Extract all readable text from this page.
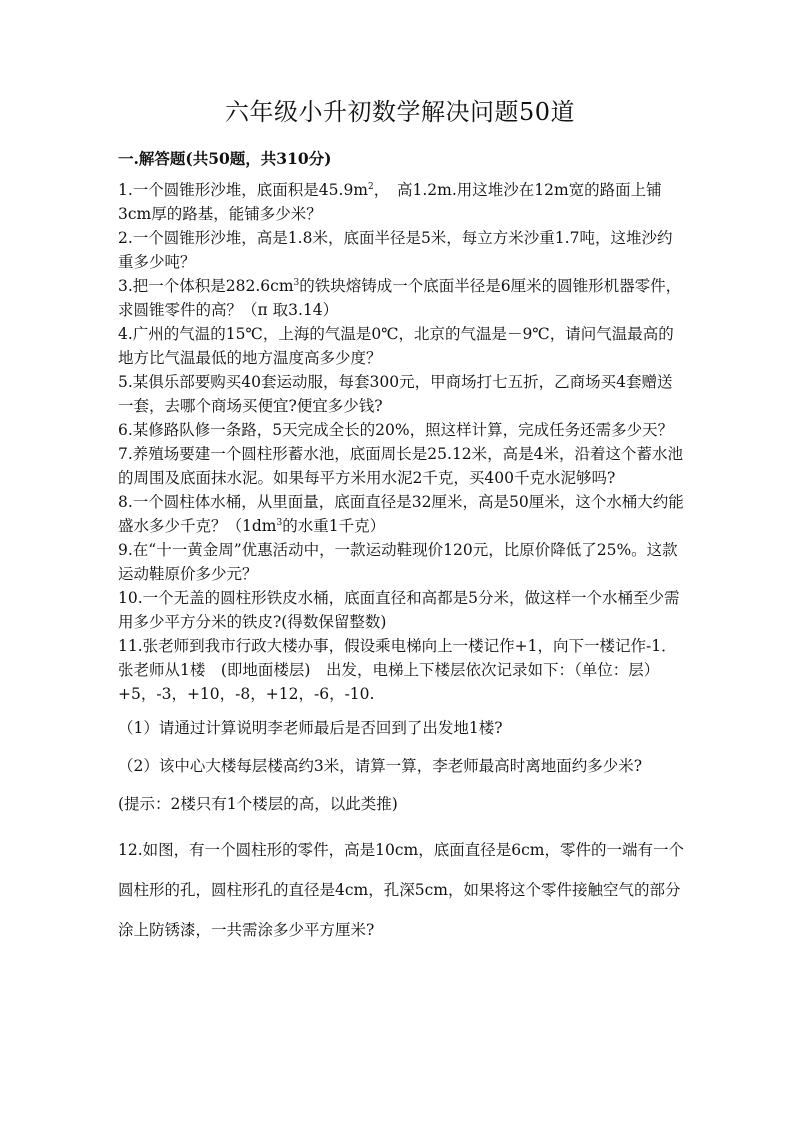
六年级小升初数学解决问题50道
一.解答题(共50题，共310分)

1.一个圆锥形沙堆，底面积是$45.9m^2$，　高1.2m.用这堆沙在12m宽的路面上铺3cm厚的路基，能铺多少米？

2.一个圆锥形沙堆，高是1.8米，底面半径是5米，每立方米沙重1.7吨，这堆沙约重多少吨？

3.把一个体积是$282.6cm^3$的铁块熔铸成一个底面半径是6厘米的圆锥形机器零件，求圆锥零件的高？（π 取3.14）

4.广州的气温的15℃，上海的气温是0℃，北京的气温是－9℃，请问气温最高的地方比气温最低的地方温度高多少度？

5.某俱乐部要购买40套运动服，每套300元，甲商场打七五折，乙商场买4套赠送一套，去哪个商场买便宜?便宜多少钱?

6.某修路队修一条路，5天完成全长的20%，照这样计算，完成任务还需多少天？

7.养殖场要建一个圆柱形蓄水池，底面周长是25.12米，高是4米，沿着这个蓄水池的周围及底面抹水泥。如果每平方米用水泥2千克，买400千克水泥够吗?

8.一个圆柱体水桶，从里面量，底面直径是32厘米，高是50厘米，这个水桶大约能盛水多少千克？（$1dm^3$的水重1千克）

9.在“十一黄金周”优惠活动中，一款运动鞋现价120元，比原价降低了25%。这款运动鞋原价多少元？

10.一个无盖的圆柱形铁皮水桶，底面直径和高都是5分米，做这样一个水桶至少需用多少平方分米的铁皮?(得数保留整数)

11.张老师到我市行政大楼办事，假设乘电梯向上一楼记作+1，向下一楼记作-1．张老师从1楼　(即地面楼层)　出发，电梯上下楼层依次记录如下：（单位：层）+5，-3，+10，-8，+12，-6，-10.

（1）请通过计算说明李老师最后是否回到了出发地1楼?

（2）该中心大楼每层楼高约3米，请算一算，李老师最高时离地面约多少米?

(提示：2楼只有1个楼层的高，以此类推)

12.如图，有一个圆柱形的零件，高是10cm，底面直径是6cm，零件的一端有一个圆柱形的孔，圆柱形孔的直径是4cm，孔深5cm，如果将这个零件接触空气的部分涂上防锈漆，一共需涂多少平方厘米?
